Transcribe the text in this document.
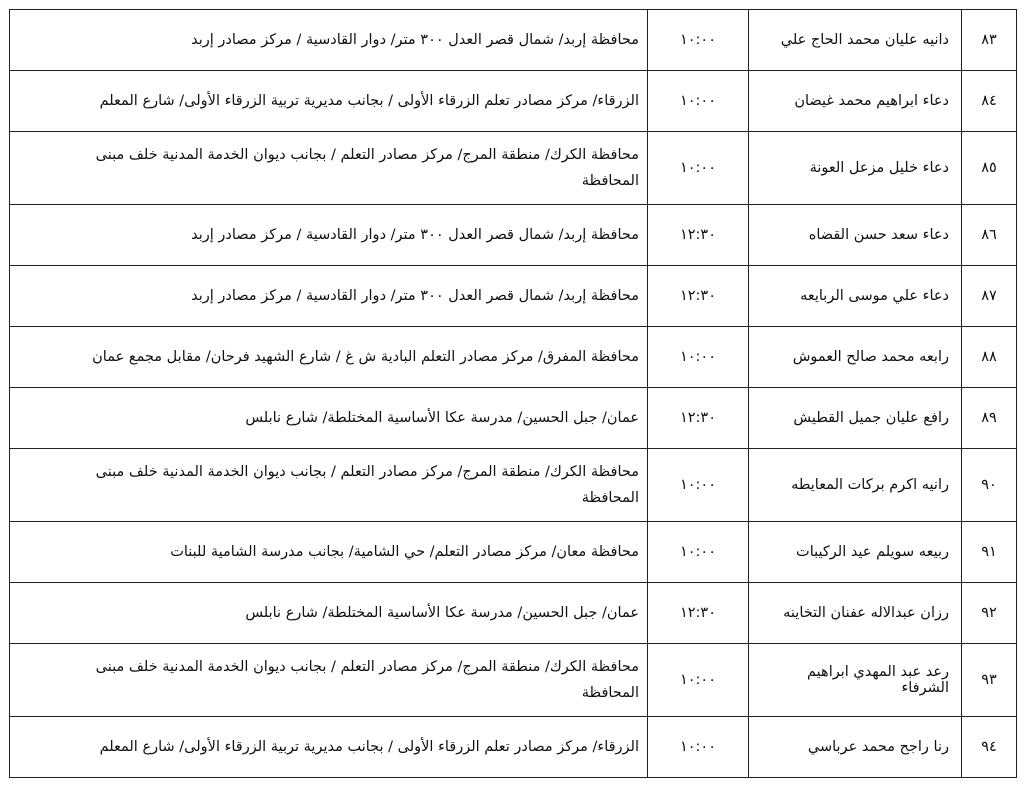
٨٣	دانيه عليان محمد الحاج علي	١٠:٠٠	محافظة إربد/ شمال قصر العدل ٣٠٠ متر/ دوار القادسية / مركز مصادر إربد

٨٤	دعاء ابراهيم محمد غيضان	١٠:٠٠	الزرقاء/ مركز مصادر تعلم الزرقاء الأولى / بجانب مديرية تربية الزرقاء الأولى/ شارع المعلم

٨٥	دعاء خليل مزعل العونة	١٠:٠٠	محافظة الكرك/ منطقة المرج/ مركز مصادر التعلم / بجانب ديوان الخدمة المدنية خلف مبنى
المحافظة

٨٦	دعاء سعد حسن القضاه	١٢:٣٠	محافظة إربد/ شمال قصر العدل ٣٠٠ متر/ دوار القادسية / مركز مصادر إربد

٨٧	دعاء علي موسى الربايعه	١٢:٣٠	محافظة إربد/ شمال قصر العدل ٣٠٠ متر/ دوار القادسية / مركز مصادر إربد

٨٨	رابعه محمد صالح العموش	١٠:٠٠	محافظة المفرق/ مركز مصادر التعلم البادية ش غ / شارع الشهيد فرحان/ مقابل مجمع عمان

٨٩	رافع عليان جميل القطيش	١٢:٣٠	عمان/ جبل الحسين/ مدرسة عكا الأساسية المختلطة/ شارع نابلس

٩٠	رانيه اكرم بركات المعايطه	١٠:٠٠	محافظة الكرك/ منطقة المرج/ مركز مصادر التعلم / بجانب ديوان الخدمة المدنية خلف مبنى
المحافظة

٩١	ربيعه سويلم عيد الركيبات	١٠:٠٠	محافظة معان/ مركز مصادر التعلم/ حي الشامية/ بجانب مدرسة الشامية للبنات

٩٢	رزان عبدالاله عفنان التخاينه	١٢:٣٠	عمان/ جبل الحسين/ مدرسة عكا الأساسية المختلطة/ شارع نابلس

٩٣	رعد عبد المهدي ابراهيم الشرفاء	١٠:٠٠	محافظة الكرك/ منطقة المرج/ مركز مصادر التعلم / بجانب ديوان الخدمة المدنية خلف مبنى
المحافظة

٩٤	رنا راجح محمد عرباسي	١٠:٠٠	الزرقاء/ مركز مصادر تعلم الزرقاء الأولى / بجانب مديرية تربية الزرقاء الأولى/ شارع المعلم
